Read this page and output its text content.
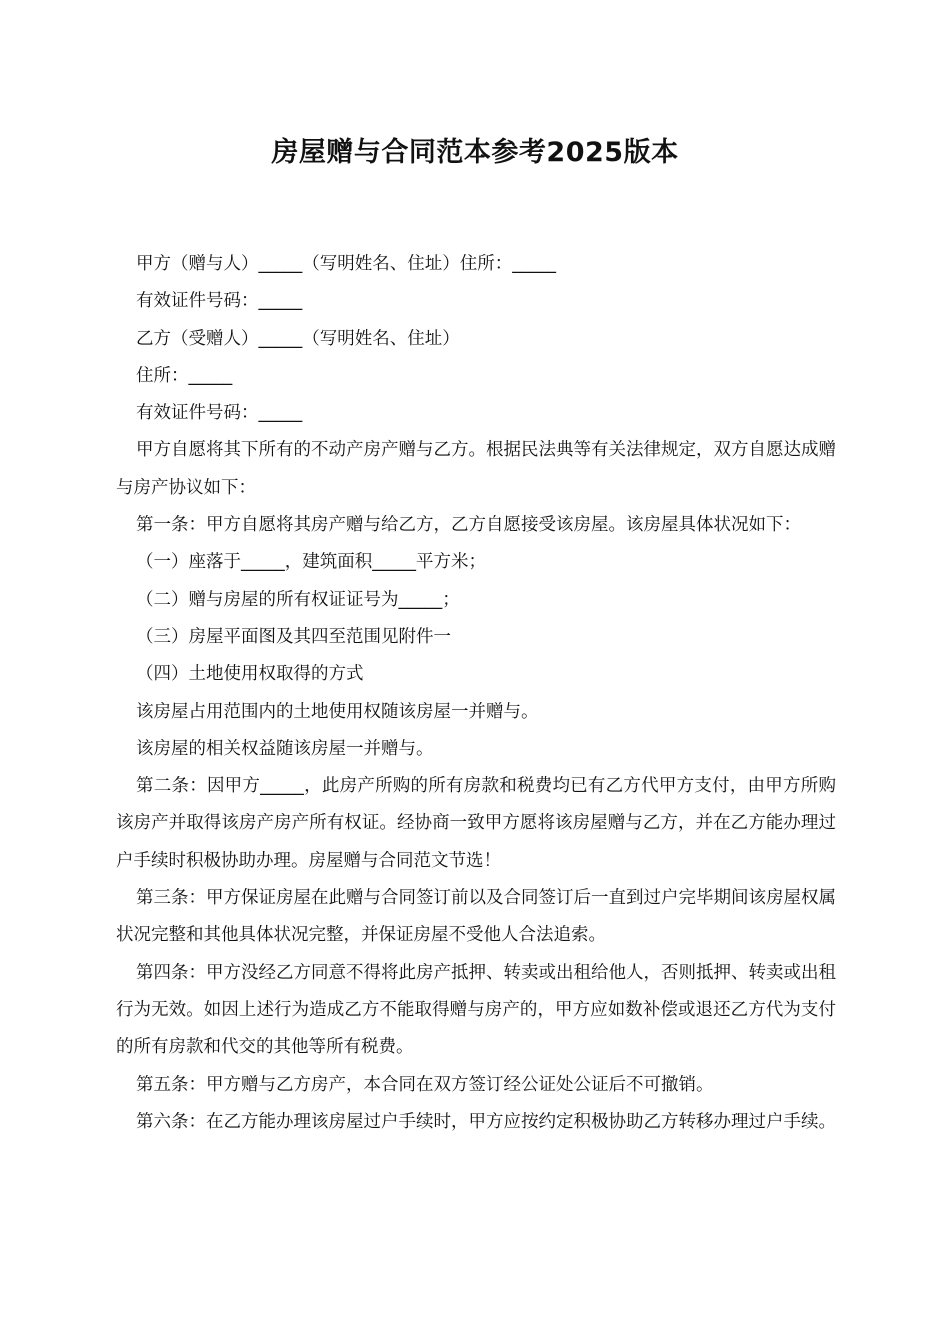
房屋赠与合同范本参考2025版本

甲方（赠与人）_____（写明姓名、住址）住所：_____

有效证件号码：_____

乙方（受赠人）_____（写明姓名、住址）

住所：_____

有效证件号码：_____

甲方自愿将其下所有的不动产房产赠与乙方。根据民法典等有关法律规定，双方自愿达成赠与房产协议如下：

第一条：甲方自愿将其房产赠与给乙方，乙方自愿接受该房屋。该房屋具体状况如下：

（一）座落于_____，建筑面积_____平方米；

（二）赠与房屋的所有权证证号为_____；

（三）房屋平面图及其四至范围见附件一

（四）土地使用权取得的方式

该房屋占用范围内的土地使用权随该房屋一并赠与。

该房屋的相关权益随该房屋一并赠与。

第二条：因甲方_____，此房产所购的所有房款和税费均已有乙方代甲方支付，由甲方所购该房产并取得该房产房产所有权证。经协商一致甲方愿将该房屋赠与乙方，并在乙方能办理过户手续时积极协助办理。房屋赠与合同范文节选！

第三条：甲方保证房屋在此赠与合同签订前以及合同签订后一直到过户完毕期间该房屋权属状况完整和其他具体状况完整，并保证房屋不受他人合法追索。

第四条：甲方没经乙方同意不得将此房产抵押、转卖或出租给他人，否则抵押、转卖或出租行为无效。如因上述行为造成乙方不能取得赠与房产的，甲方应如数补偿或退还乙方代为支付的所有房款和代交的其他等所有税费。

第五条：甲方赠与乙方房产，本合同在双方签订经公证处公证后不可撤销。

第六条：在乙方能办理该房屋过户手续时，甲方应按约定积极协助乙方转移办理过户手续。
